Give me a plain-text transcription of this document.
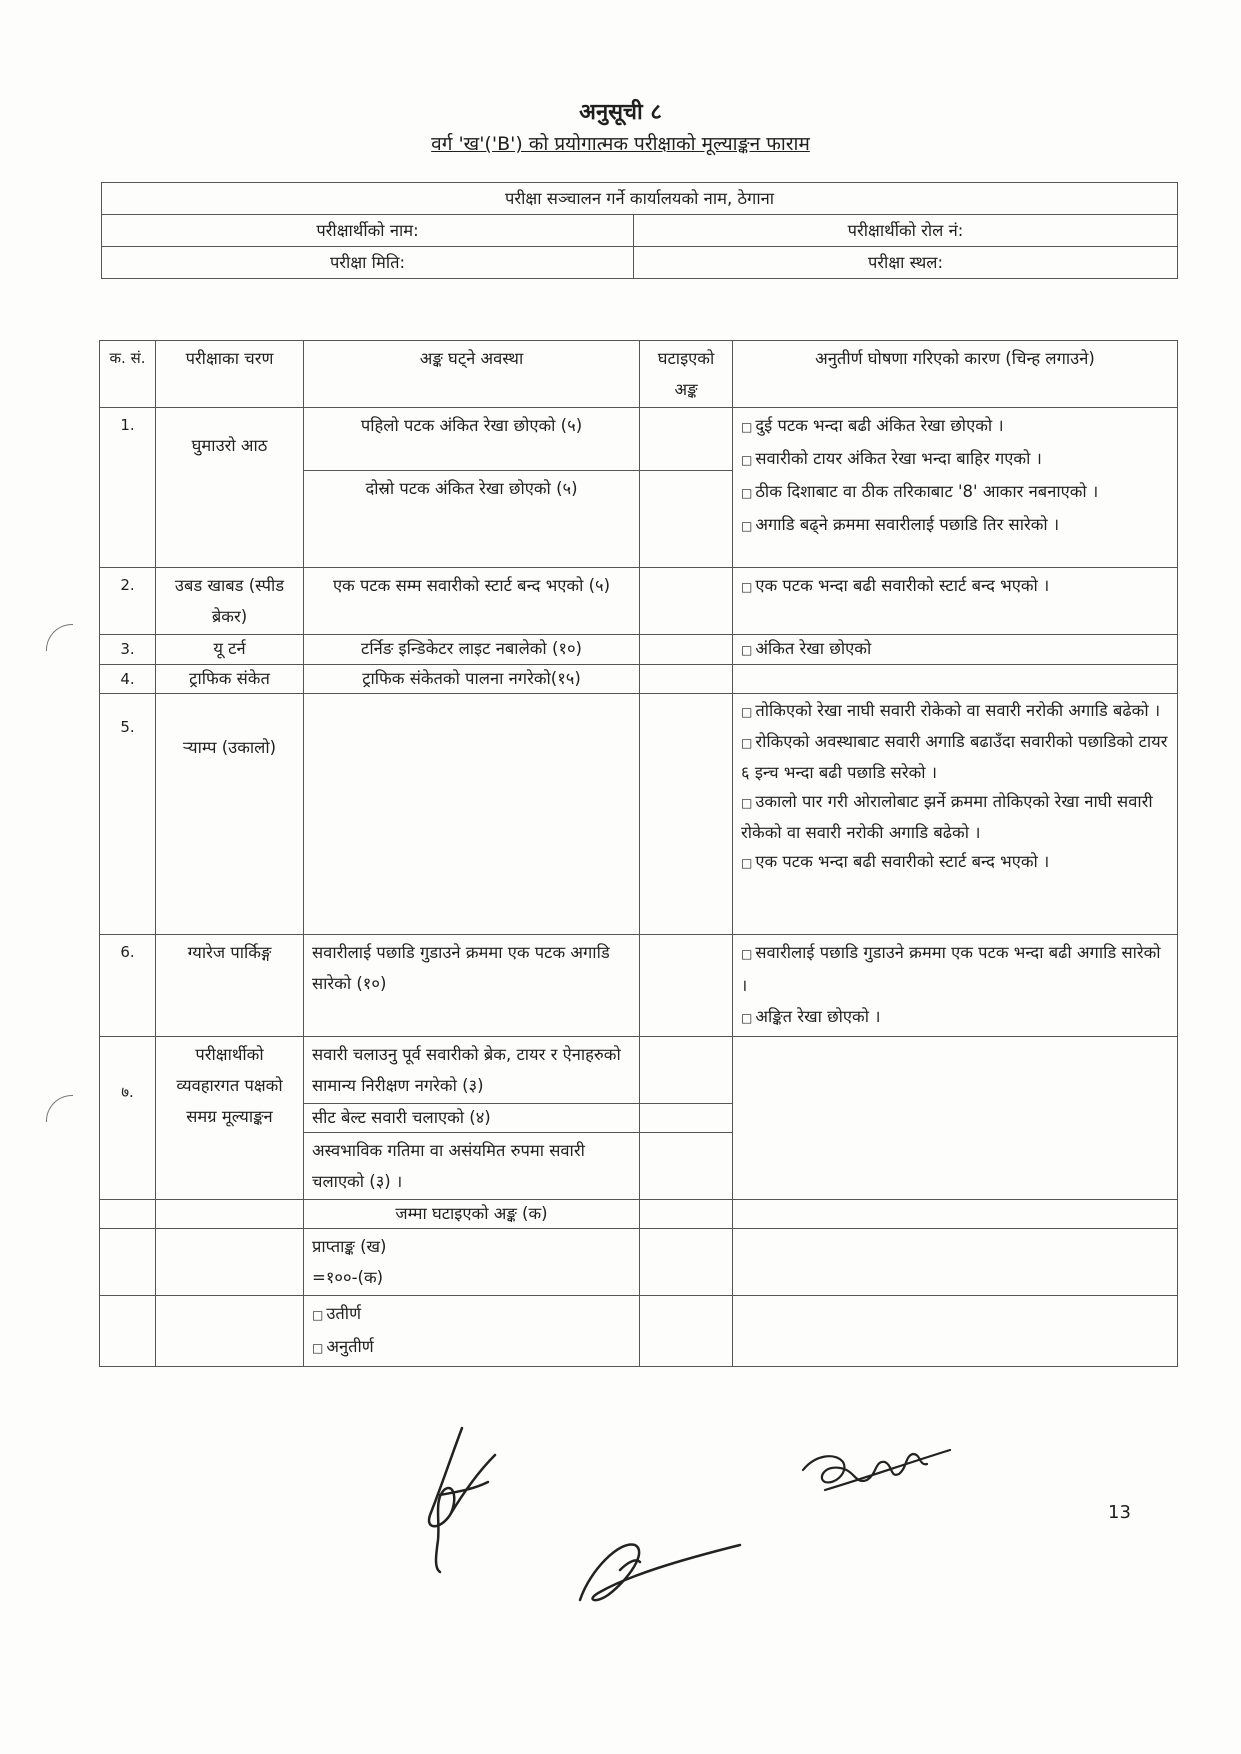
अनुसूची ८
वर्ग 'ख'('B') को प्रयोगात्मक परीक्षाको मूल्याङ्कन फाराम
परीक्षा सञ्चालन गर्ने कार्यालयको नाम, ठेगाना	
परीक्षार्थीको नाम:	परीक्षार्थीको रोल नं:
परीक्षा मिति:	परीक्षा स्थल:
क. सं.	परीक्षाका चरण	अङ्क घट्ने अवस्था	घटाइएको अङ्क	अनुतीर्ण घोषणा गरिएको कारण (चिन्ह लगाउने)
1.	घुमाउरो आठ	पहिलो पटक अंकित रेखा छोएको (५)		□ दुई पटक भन्दा बढी अंकित रेखा छोएको ।
□ सवारीको टायर अंकित रेखा भन्दा बाहिर गएको ।
□ ठीक दिशाबाट वा ठीक तरिकाबाट '8' आकार नबनाएको ।
□ अगाडि बढ्ने क्रममा सवारीलाई पछाडि तिर सारेको ।

		दोस्रो पटक अंकित रेखा छोएको (५)		
2.	उबड खाबड (स्पीड ब्रेकर)	एक पटक सम्म सवारीको स्टार्ट बन्द भएको (५)		□ एक पटक भन्दा बढी सवारीको स्टार्ट बन्द भएको ।

3.	यू टर्न	टर्निङ इन्डिकेटर लाइट नबालेको (१०)		□ अंकित रेखा छोएको

4.	ट्राफिक संकेत	ट्राफिक संकेतको पालना नगरेको(१५)		
5.	र्‍याम्प (उकालो)			□ तोकिएको रेखा नाघी सवारी रोकेको वा सवारी नरोकी अगाडि बढेको ।
□ रोकिएको अवस्थाबाट सवारी अगाडि बढाउँदा सवारीको पछाडिको टायर ६ इन्च भन्दा बढी पछाडि सरेको ।
□ उकालो पार गरी ओरालोबाट झर्ने क्रममा तोकिएको रेखा नाघी सवारी रोकेको वा सवारी नरोकी अगाडि बढेको ।
□ एक पटक भन्दा बढी सवारीको स्टार्ट बन्द भएको ।

6.	ग्यारेज पार्किङ्ग	सवारीलाई पछाडि गुडाउने क्रममा एक पटक अगाडि सारेको (१०)		□ सवारीलाई पछाडि गुडाउने क्रममा एक पटक भन्दा बढी अगाडि सारेको ।
□ अङ्कित रेखा छोएको ।

७.	परीक्षार्थीको व्यवहारगत पक्षको समग्र मूल्याङ्कन	सवारी चलाउनु पूर्व सवारीको ब्रेक, टायर र ऐनाहरुको सामान्य निरीक्षण नगरेको (३)		
		सीट बेल्ट सवारी चलाएको (४)		
		अस्वभाविक गतिमा वा असंयमित रुपमा सवारी चलाएको (३) ।		
		जम्मा घटाइएको अङ्क (क)		

		प्राप्ताङ्क (ख)
=१००-(क)		

		□ उतीर्ण
□ अनुतीर्ण		

13
